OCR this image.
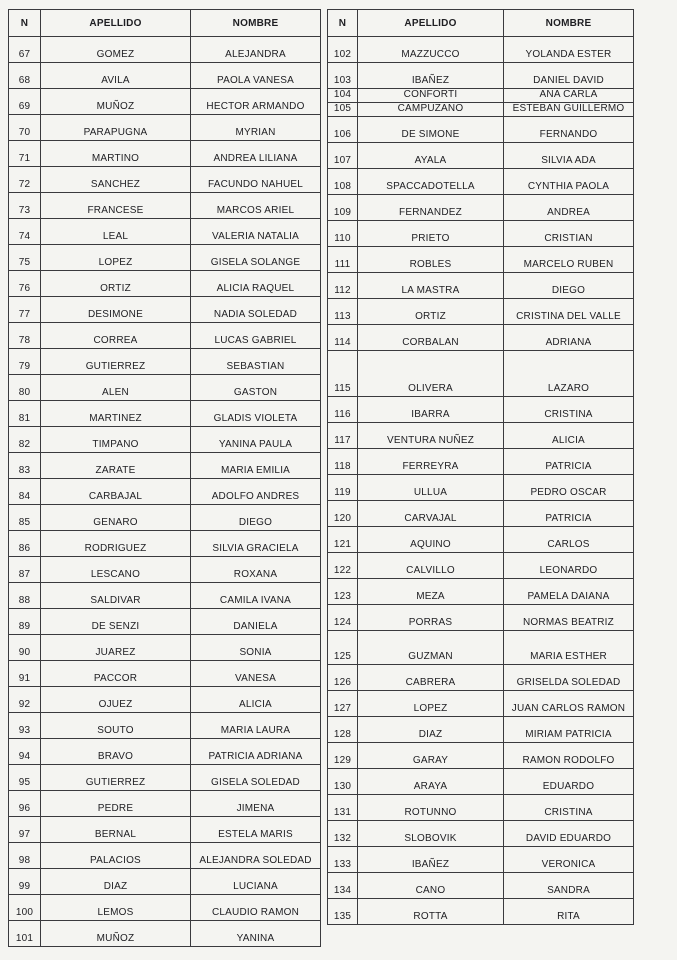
N	APELLIDO	NOMBRE
67	GOMEZ	ALEJANDRA
68	AVILA	PAOLA VANESA
69	MUÑOZ	HECTOR ARMANDO
70	PARAPUGNA	MYRIAN
71	MARTINO	ANDREA LILIANA
72	SANCHEZ	FACUNDO NAHUEL
73	FRANCESE	MARCOS ARIEL
74	LEAL	VALERIA NATALIA
75	LOPEZ	GISELA SOLANGE
76	ORTIZ	ALICIA RAQUEL
77	DESIMONE	NADIA SOLEDAD
78	CORREA	LUCAS GABRIEL
79	GUTIERREZ	SEBASTIAN
80	ALEN	GASTON
81	MARTINEZ	GLADIS VIOLETA
82	TIMPANO	YANINA PAULA
83	ZARATE	MARIA EMILIA
84	CARBAJAL	ADOLFO ANDRES
85	GENARO	DIEGO
86	RODRIGUEZ	SILVIA GRACIELA
87	LESCANO	ROXANA
88	SALDIVAR	CAMILA IVANA
89	DE SENZI	DANIELA
90	JUAREZ	SONIA
91	PACCOR	VANESA
92	OJUEZ	ALICIA
93	SOUTO	MARIA LAURA
94	BRAVO	PATRICIA ADRIANA
95	GUTIERREZ	GISELA SOLEDAD
96	PEDRE	JIMENA
97	BERNAL	ESTELA MARIS
98	PALACIOS	ALEJANDRA SOLEDAD
99	DIAZ	LUCIANA
100	LEMOS	CLAUDIO RAMON
101	MUÑOZ	YANINA
N	APELLIDO	NOMBRE
102	MAZZUCCO	YOLANDA ESTER
103	IBAÑEZ	DANIEL DAVID
104	CONFORTI	ANA CARLA
105	CAMPUZANO	ESTEBAN GUILLERMO
106	DE SIMONE	FERNANDO
107	AYALA	SILVIA ADA
108	SPACCADOTELLA	CYNTHIA PAOLA
109	FERNANDEZ	ANDREA
110	PRIETO	CRISTIAN
111	ROBLES	MARCELO RUBEN
112	LA MASTRA	DIEGO
113	ORTIZ	CRISTINA DEL VALLE
114	CORBALAN	ADRIANA
115	OLIVERA	LAZARO
116	IBARRA	CRISTINA
117	VENTURA NUÑEZ	ALICIA
118	FERREYRA	PATRICIA
119	ULLUA	PEDRO OSCAR
120	CARVAJAL	PATRICIA
121	AQUINO	CARLOS
122	CALVILLO	LEONARDO
123	MEZA	PAMELA DAIANA
124	PORRAS	NORMAS BEATRIZ
125	GUZMAN	MARIA ESTHER
126	CABRERA	GRISELDA SOLEDAD
127	LOPEZ	JUAN CARLOS RAMON
128	DIAZ	MIRIAM PATRICIA
129	GARAY	RAMON RODOLFO
130	ARAYA	EDUARDO
131	ROTUNNO	CRISTINA
132	SLOBOVIK	DAVID EDUARDO
133	IBAÑEZ	VERONICA
134	CANO	SANDRA
135	ROTTA	RITA
